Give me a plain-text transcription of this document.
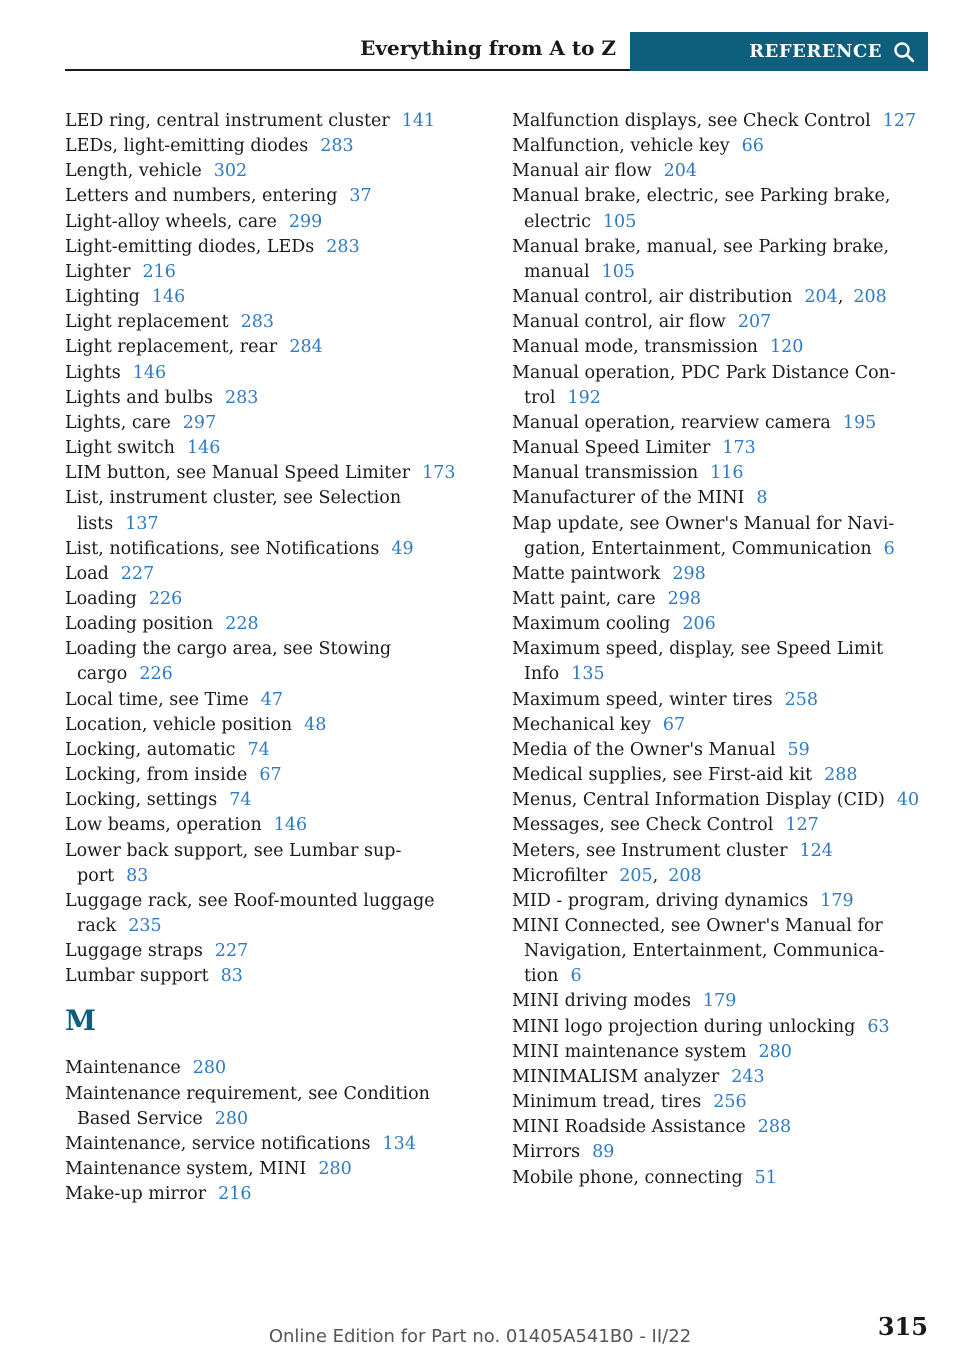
Everything from A to Z	REFERENCE
LED ring, central instrument cluster 141
LEDs, light-emitting diodes 283
Length, vehicle 302
Letters and numbers, entering 37
Light-alloy wheels, care 299
Light-emitting diodes, LEDs 283
Lighter 216
Lighting 146
Light replacement 283
Light replacement, rear 284
Lights 146
Lights and bulbs 283
Lights, care 297
Light switch 146
LIM button, see Manual Speed Limiter 173
List, instrument cluster, see Selection lists 137
List, notifications, see Notifications 49
Load 227
Loading 226
Loading position 228
Loading the cargo area, see Stowing cargo 226
Local time, see Time 47
Location, vehicle position 48
Locking, automatic 74
Locking, from inside 67
Locking, settings 74
Low beams, operation 146
Lower back support, see Lumbar support 83
Luggage rack, see Roof-mounted luggage rack 235
Luggage straps 227
Lumbar support 83
M
Maintenance 280
Maintenance requirement, see Condition Based Service 280
Maintenance, service notifications 134
Maintenance system, MINI 280
Make-up mirror 216
Malfunction displays, see Check Control 127
Malfunction, vehicle key 66
Manual air flow 204
Manual brake, electric, see Parking brake, electric 105
Manual brake, manual, see Parking brake, manual 105
Manual control, air distribution 204, 208
Manual control, air flow 207
Manual mode, transmission 120
Manual operation, PDC Park Distance Control 192
Manual operation, rearview camera 195
Manual Speed Limiter 173
Manual transmission 116
Manufacturer of the MINI 8
Map update, see Owner's Manual for Navigation, Entertainment, Communication 6
Matte paintwork 298
Matt paint, care 298
Maximum cooling 206
Maximum speed, display, see Speed Limit Info 135
Maximum speed, winter tires 258
Mechanical key 67
Media of the Owner's Manual 59
Medical supplies, see First-aid kit 288
Menus, Central Information Display (CID) 40
Messages, see Check Control 127
Meters, see Instrument cluster 124
Microfilter 205, 208
MID - program, driving dynamics 179
MINI Connected, see Owner's Manual for Navigation, Entertainment, Communication 6
MINI driving modes 179
MINI logo projection during unlocking 63
MINI maintenance system 280
MINIMALISM analyzer 243
Minimum tread, tires 256
MINI Roadside Assistance 288
Mirrors 89
Mobile phone, connecting 51
315
Online Edition for Part no. 01405A541B0 - II/22
